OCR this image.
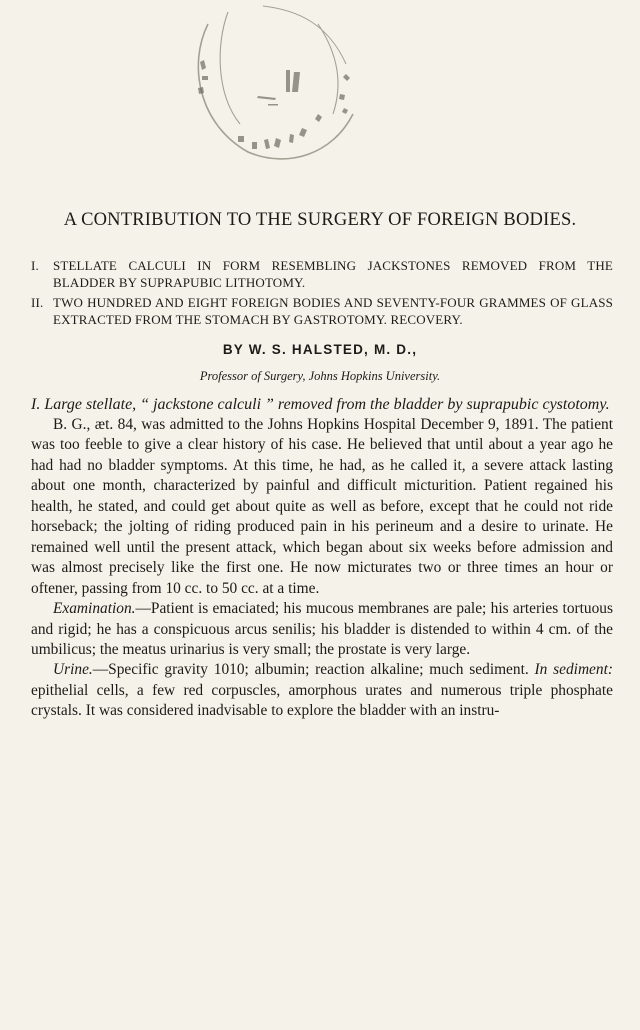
A CONTRIBUTION TO THE SURGERY OF FOREIGN BODIES.
I. STELLATE CALCULI IN FORM RESEMBLING JACKSTONES REMOVED FROM THE BLADDER BY SUPRAPUBIC LITHOTOMY.
II. TWO HUNDRED AND EIGHT FOREIGN BODIES AND SEVENTY-FOUR GRAMMES OF GLASS EXTRACTED FROM THE STOMACH BY GASTROTOMY. RECOVERY.
BY W. S. HALSTED, M. D.,
Professor of Surgery, Johns Hopkins University.

I. Large stellate, “ jackstone calculi ” removed from the bladder by suprapubic cystotomy.

B. G., æt. 84, was admitted to the Johns Hopkins Hospital December 9, 1891. The patient was too feeble to give a clear history of his case. He believed that until about a year ago he had had no bladder symptoms. At this time, he had, as he called it, a severe attack lasting about one month, characterized by painful and difficult micturition. Patient regained his health, he stated, and could get about quite as well as before, except that he could not ride horseback; the jolting of riding produced pain in his perineum and a desire to urinate. He remained well until the present attack, which began about six weeks before admission and was almost precisely like the first one. He now micturates two or three times an hour or oftener, passing from 10 cc. to 50 cc. at a time.

Examination.—Patient is emaciated; his mucous membranes are pale; his arteries tortuous and rigid; he has a conspicuous arcus senilis; his bladder is distended to within 4 cm. of the umbilicus; the meatus urinarius is very small; the prostate is very large.

Urine.—Specific gravity 1010; albumin; reaction alkaline; much sediment. In sediment: epithelial cells, a few red corpuscles, amorphous urates and numerous triple phosphate crystals. It was considered inadvisable to explore the bladder with an instru-
